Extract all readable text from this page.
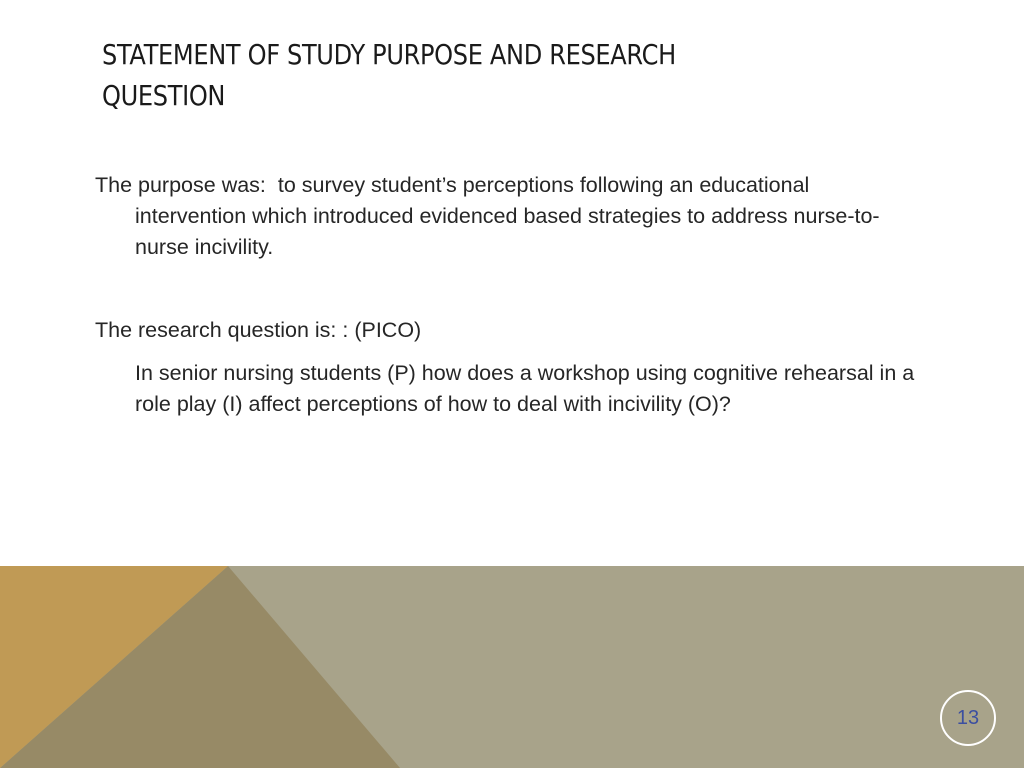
STATEMENT OF STUDY PURPOSE AND RESEARCH QUESTION

The purpose was: to survey student’s perceptions following an educational intervention which introduced evidenced based strategies to address nurse-to-nurse incivility.

The research question is: : (PICO)

In senior nursing students (P) how does a workshop using cognitive rehearsal in a role play (I) affect perceptions of how to deal with incivility (O)?

13
